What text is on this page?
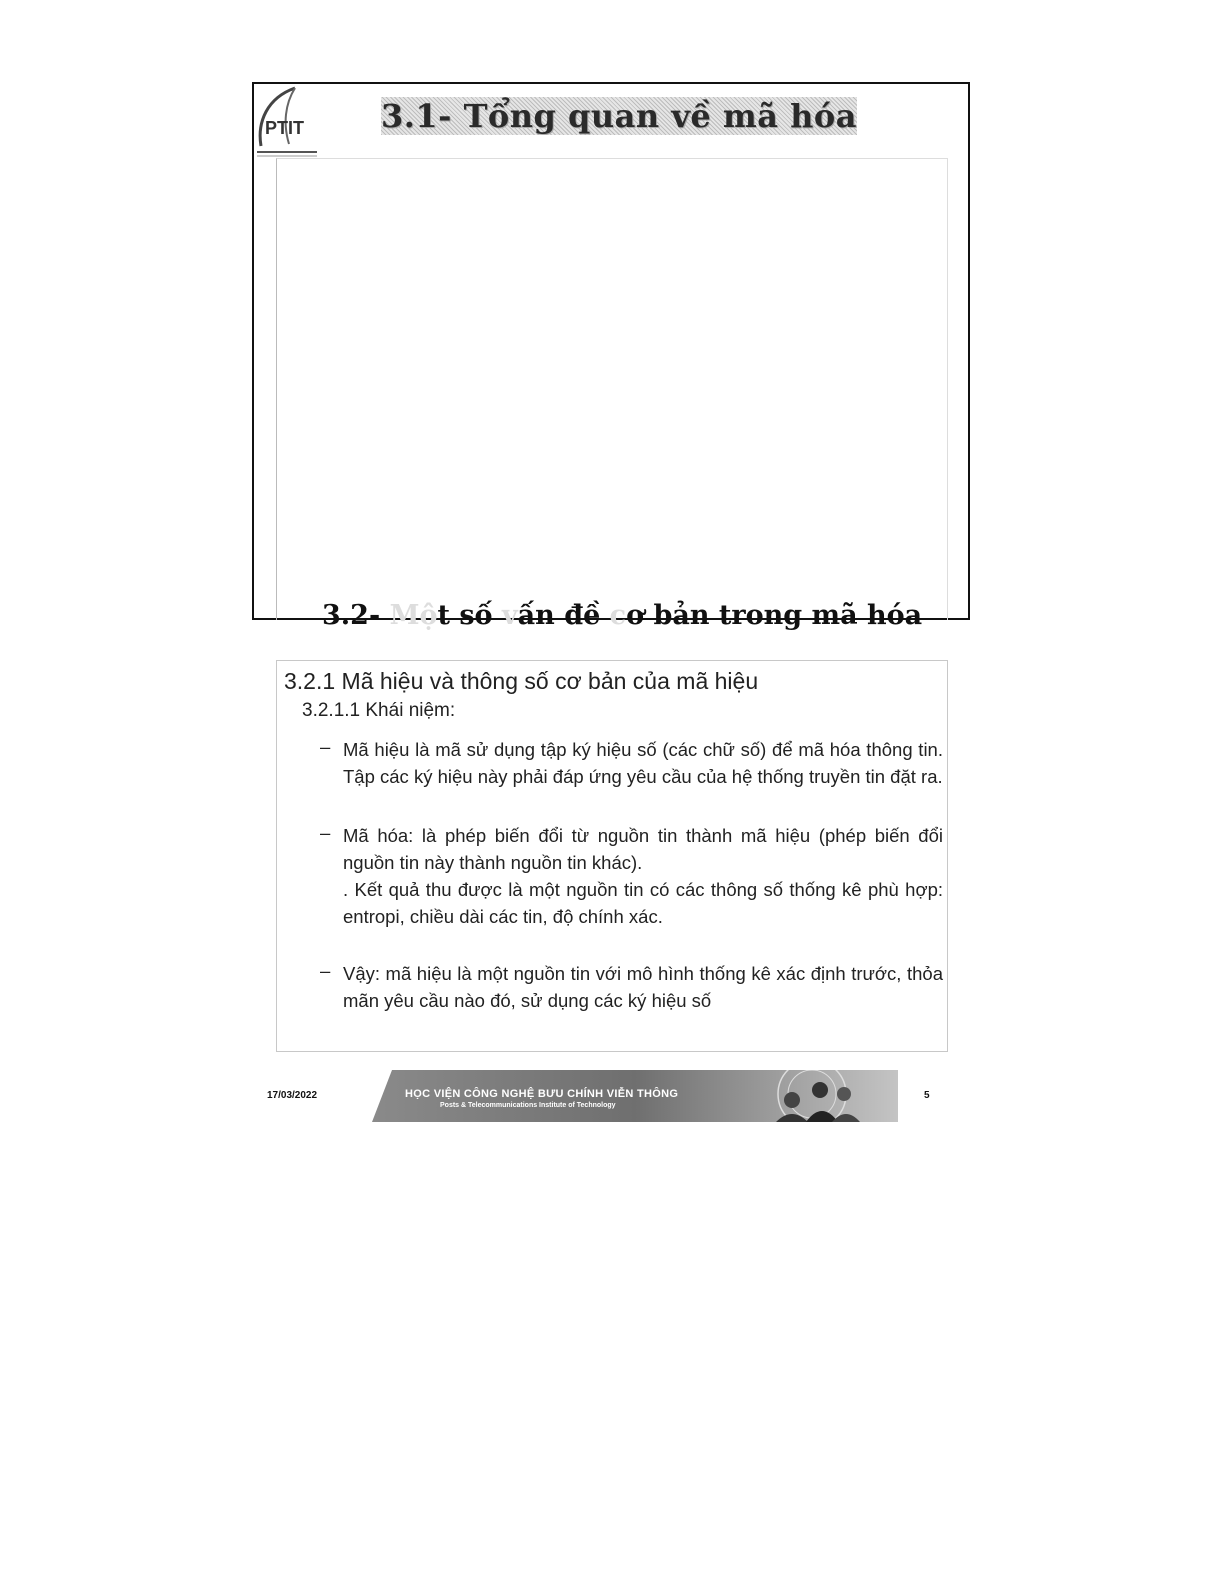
PTIT	3.1- Tổng quan về mã hóa
3.2- Một số vấn đề cơ bản trong mã hóa
3.2.1 Mã hiệu và thông số cơ bản của mã hiệu
3.2.1.1 Khái niệm:
– Mã hiệu là mã sử dụng tập ký hiệu số (các chữ số) để mã hóa thông tin. Tập các ký hiệu này phải đáp ứng yêu cầu của hệ thống truyền tin đặt ra.
– Mã hóa: là phép biến đổi từ nguồn tin thành mã hiệu (phép biến đổi nguồn tin này thành nguồn tin khác).
. Kết quả thu được là một nguồn tin có các thông số thống kê phù hợp: entropi, chiều dài các tin, độ chính xác.
– Vậy: mã hiệu là một nguồn tin với mô hình thống kê xác định trước, thỏa mãn yêu cầu nào đó, sử dụng các ký hiệu số
17/03/2022	HỌC VIỆN CÔNG NGHỆ BƯU CHÍNH VIỄN THÔNG
Posts & Telecommunications Institute of Technology
5
